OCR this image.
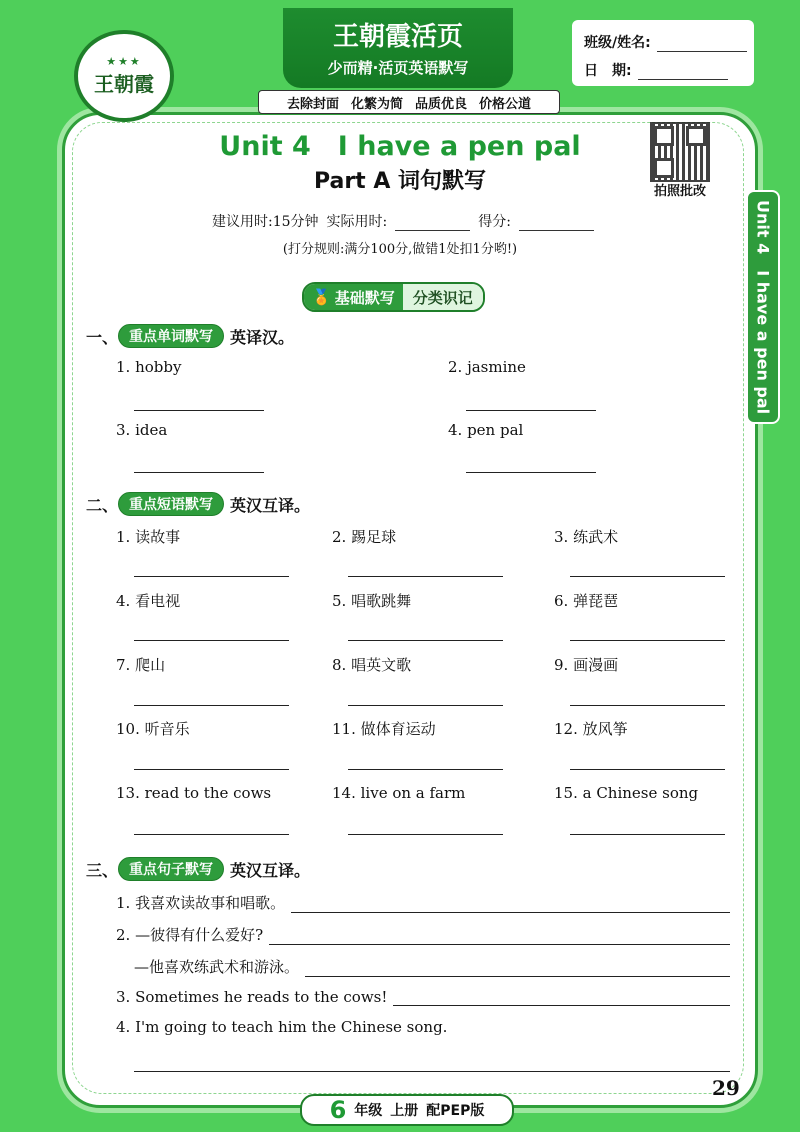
★★★
王朝霞
王朝霞活页
少而精·活页英语默写
去除封面 化繁为简 品质优良 价格公道
班级/姓名:
日　期:
拍照批改
Unit 4　I have a pen pal
Part A 词句默写
建议用时:15分钟 实际用时:	得分:
(打分规则:满分100分,做错1处扣1分哟!)	Unit 4　I have a pen pal
🏅 基础默写	分类识记
一、 重点单词默写	英译汉。
1. hobby	2. jasmine
3. idea	4. pen pal
二、 重点短语默写	英汉互译。
1. 读故事	2. 踢足球	3. 练武术
4. 看电视	5. 唱歌跳舞	6. 弹琵琶
7. 爬山	8. 唱英文歌	9. 画漫画
10. 听音乐	11. 做体育运动	12. 放风筝
13. read to the cows	14. live on a farm	15. a Chinese song
三、 重点句子默写	英汉互译。
1. 我喜欢读故事和唱歌。
2. —彼得有什么爱好?
—他喜欢练武术和游泳。
3. Sometimes he reads to the cows!
4. I'm going to teach him the Chinese song.
29
6 年级 上册 配PEP版
